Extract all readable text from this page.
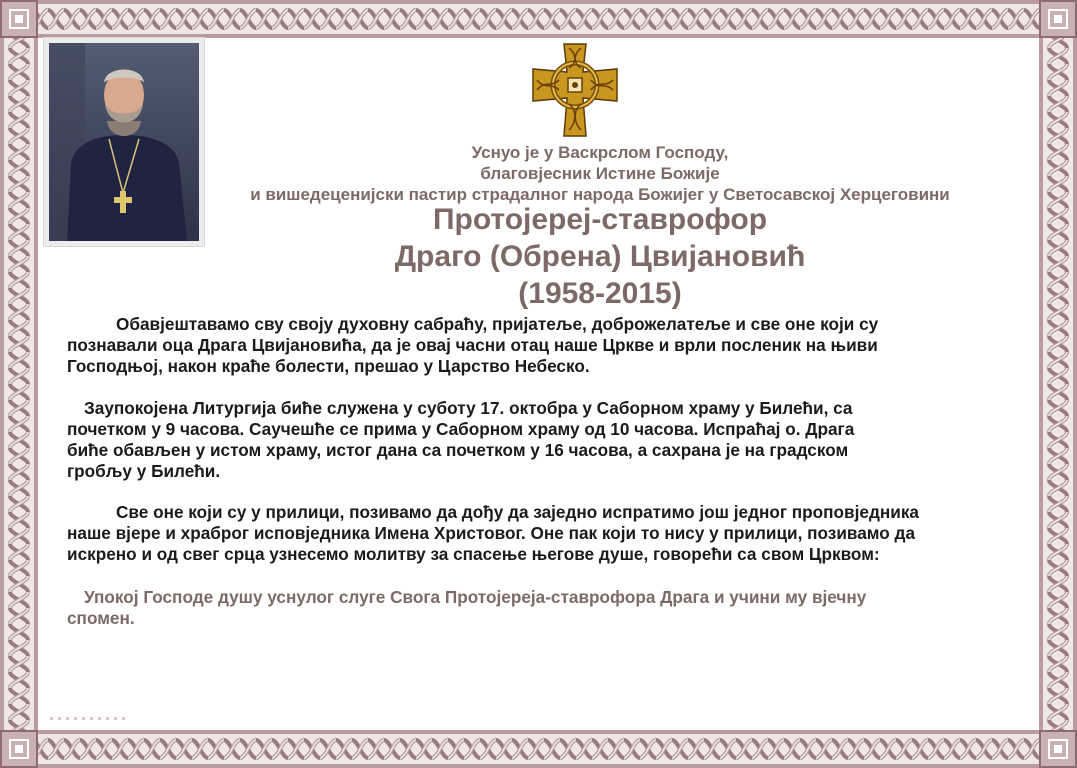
Уснуо је у Васкрслом Господу,
благовјесник Истине Божије
и вишедеценијски пастир страдалног народа Божијег у Светосавској Херцеговини
Протојереј-ставрофор
Драго (Обрена) Цвијановић
(1958-2015)
Обавјештавамо сву своју духовну сабраћу, пријатеље, доброжелатеље и све оне који су
познавали оца Драга Цвијановића, да је овај часни отац наше Цркве и врли посленик на њиви
Господњој, након краће болести, прешао у Царство Небеско.
Заупокојена Литургија биће служена у суботу 17. октобра у Саборном храму у Билећи, са
почетком у 9 часова. Саучешће се прима у Саборном храму од 10 часова. Испраћај о. Драга
биће обављен у истом храму, истог дана са почетком у 16 часова, а сахрана је на градском
гробљу у Билећи.
Све оне који су у прилици, позивамо да дођу да заједно испратимо још једног проповједника
наше вјере и храброг исповједника Имена Христовог. Оне пак који то нису у прилици, позивамо да
искрено и од свег срца узнесемо молитву за спасење његове душе, говорећи са свом Црквом:
Упокој Господе душу уснулог слуге Свога Протојереја-ставрофора Драга и учини му вјечну
спомен.
